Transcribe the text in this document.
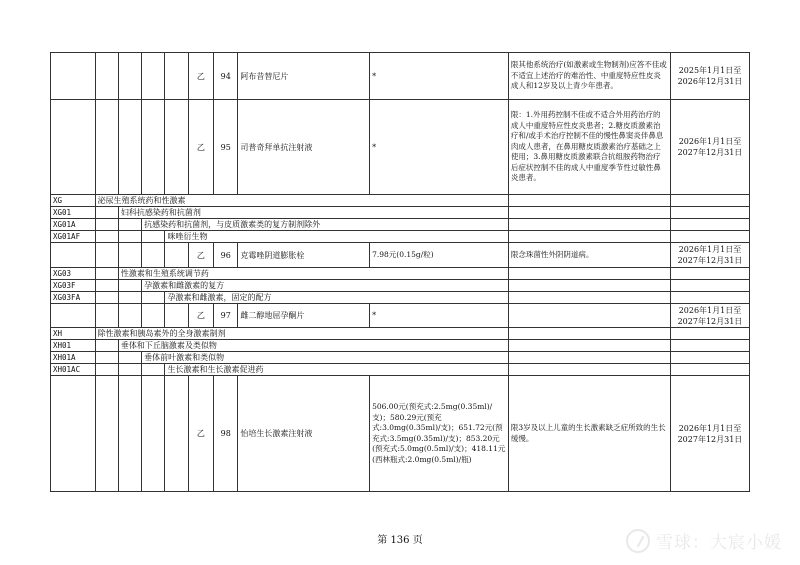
					乙	94	阿布昔替尼片	*	限其他系统治疗(如激素或生物制剂)应答不佳或不适宜上述治疗的难治性、中重度特应性皮炎成人和12岁及以上青少年患者。	2025年1月1日至2026年12月31日
					乙	95	司普奇拜单抗注射液	*	限：1.外用药控制不佳或不适合外用药治疗的成人中重度特应性皮炎患者；2.糖皮质激素治疗和/或手术治疗控制不佳的慢性鼻窦炎伴鼻息肉成人患者，在鼻用糖皮质激素治疗基础之上使用；3.鼻用糖皮质激素联合抗组胺药物治疗后症状控制不佳的成人中重度季节性过敏性鼻炎患者。	2026年1月1日至2027年12月31日
XG	泌尿生殖系统药和性激素									
XG01		妇科抗感染药和抗菌剂								
XG01A			抗感染药和抗菌剂，与皮质激素类的复方制剂除外							
XG01AF				咪唑衍生物						
					乙	96	克霉唑阴道膨胀栓	7.98元(0.15g/粒)	限念珠菌性外阴阴道病。	2026年1月1日至2027年12月31日
XG03		性激素和生殖系统调节药								
XG03F			孕激素和雌激素的复方							
XG03FA				孕激素和雌激素，固定的配方						
					乙	97	雌二醇地屈孕酮片	*		2026年1月1日至2027年12月31日
XH	除性激素和胰岛素外的全身激素制剂									
XH01		垂体和下丘脑激素及类似物								
XH01A			垂体前叶激素和类似物							
XH01AC				生长激素和生长激素促进药						
					乙	98	怡培生长激素注射液	506.00元(预充式:2.5mg(0.35ml)/支)；580.29元(预充式:3.0mg(0.35ml)/支)；651.72元(预充式:3.5mg(0.35ml)/支)；853.20元(预充式:5.0mg(0.5ml)/支)；418.11元(西林瓶式:2.0mg(0.5ml)/瓶)	限3岁及以上儿童的生长激素缺乏症所致的生长缓慢。	2026年1月1日至2027年12月31日
第 136 页	雪球：大宸小媛
